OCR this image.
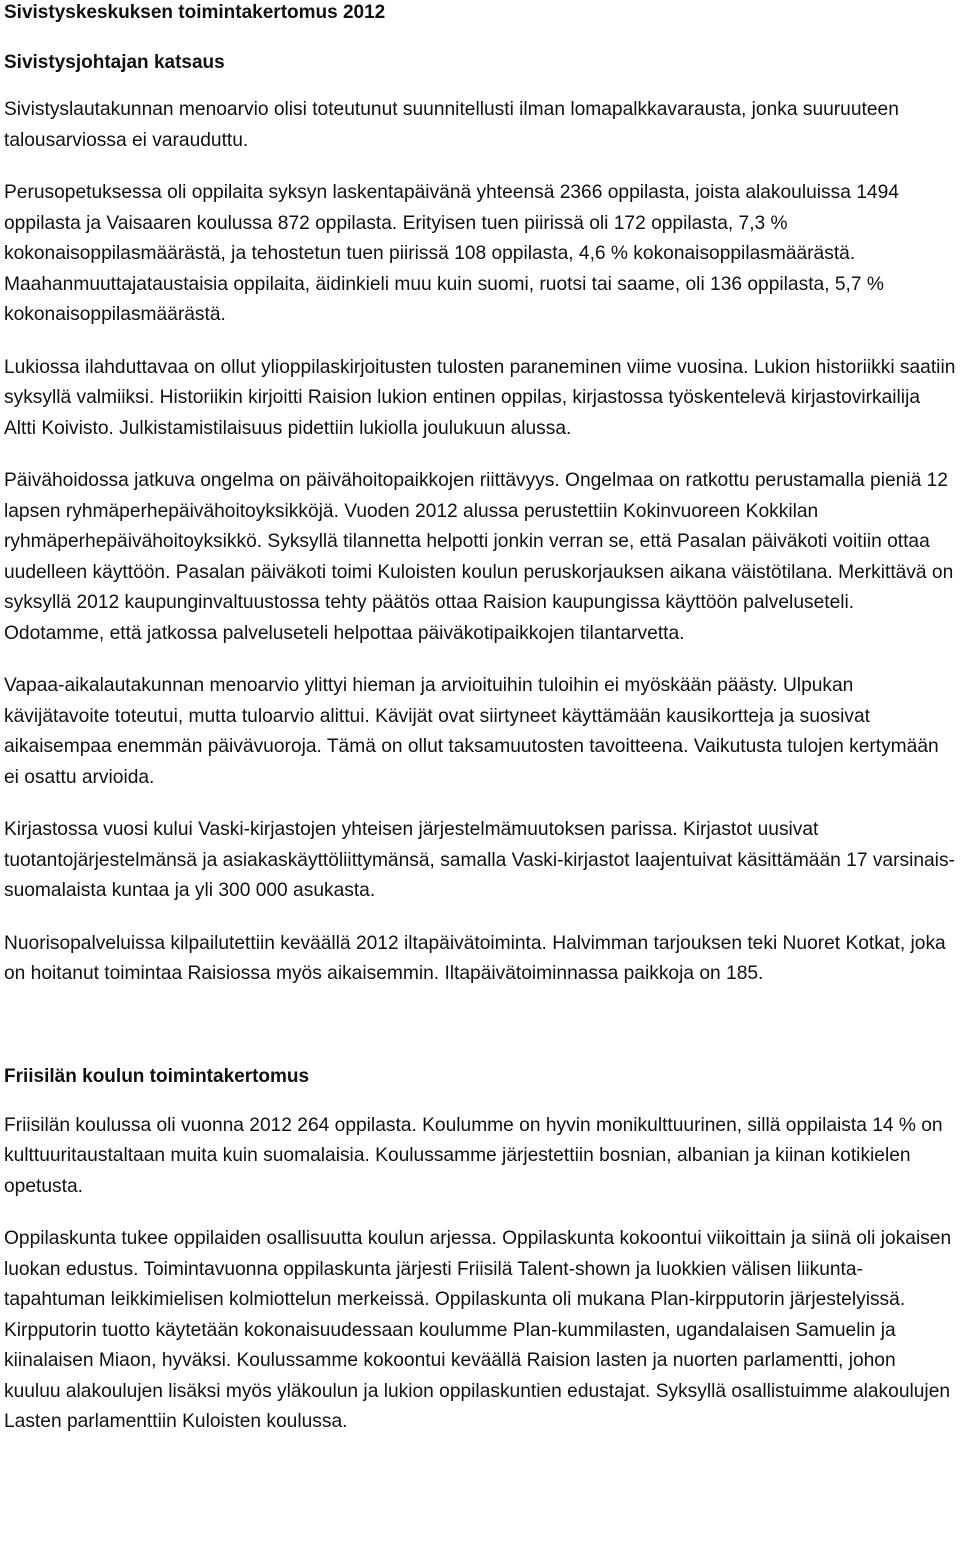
Sivistyskeskuksen toimintakertomus 2012
Sivistysjohtajan katsaus

Sivistyslautakunnan menoarvio olisi toteutunut suunnitellusti ilman lomapalkkavarausta, jonka suuruuteen talousarviossa ei varauduttu.

Perusopetuksessa oli oppilaita syksyn laskentapäivänä yhteensä 2366 oppilasta, joista alakouluissa 1494 oppilasta ja Vaisaaren koulussa 872 oppilasta. Erityisen tuen piirissä oli 172 oppilasta, 7,3 % kokonaisoppilasmäärästä, ja tehostetun tuen piirissä 108 oppilasta, 4,6 % kokonaisoppilasmäärästä. Maahanmuuttajataustaisia oppilaita, äidinkieli muu kuin suomi, ruotsi tai saame, oli 136 oppilasta, 5,7 % kokonaisoppilasmäärästä.

Lukiossa ilahduttavaa on ollut ylioppilaskirjoitusten tulosten paraneminen viime vuosina. Lukion historiikki saatiin syksyllä valmiiksi. Historiikin kirjoitti Raision lukion entinen oppilas, kirjastossa työskentelevä kirjastovirkailija Altti Koivisto. Julkistamistilaisuus pidettiin lukiolla joulukuun alussa.

Päivähoidossa jatkuva ongelma on päivähoitopaikkojen riittävyys. Ongelmaa on ratkottu perustamalla pieniä 12 lapsen ryhmäperhepäivähoitoyksikköjä. Vuoden 2012 alussa perustettiin Kokinvuoreen Kokkilan ryhmäperhepäivähoitoyksikkö. Syksyllä tilannetta helpotti jonkin verran se, että Pasalan päiväkoti voitiin ottaa uudelleen käyttöön. Pasalan päiväkoti toimi Kuloisten koulun peruskorjauksen aikana väistötilana. Merkittävä on syksyllä 2012 kaupunginvaltuustossa tehty päätös ottaa Raision kaupungissa käyttöön palveluseteli. Odotamme, että jatkossa palveluseteli helpottaa päiväkotipaikkojen tilantarvetta.

Vapaa-aikalautakunnan menoarvio ylittyi hieman ja arvioituihin tuloihin ei myöskään päästy. Ulpukan kävijätavoite toteutui, mutta tuloarvio alittui. Kävijät ovat siirtyneet käyttämään kausikortteja ja suosivat aikaisempaa enemmän päivävuoroja. Tämä on ollut taksamuutosten tavoitteena. Vaikutusta tulojen kertymään ei osattu arvioida.

Kirjastossa vuosi kului Vaski-kirjastojen yhteisen järjestelmämuutoksen parissa. Kirjastot uusivat tuotantojärjestelmänsä ja asiakaskäyttöliittymänsä, samalla Vaski-kirjastot laajentuivat käsittämään 17 varsinais-suomalaista kuntaa ja yli 300 000 asukasta.

Nuorisopalveluissa kilpailutettiin keväällä 2012 iltapäivätoiminta. Halvimman tarjouksen teki Nuoret Kotkat, joka on hoitanut toimintaa Raisiossa myös aikaisemmin. Iltapäivätoiminnassa paikkoja on 185.

Friisilän koulun toimintakertomus

Friisilän koulussa oli vuonna 2012 264 oppilasta. Koulumme on hyvin monikulttuurinen, sillä oppilaista 14 % on kulttuuritaustaltaan muita kuin suomalaisia. Koulussamme järjestettiin bosnian, albanian ja kiinan kotikielen opetusta.

Oppilaskunta tukee oppilaiden osallisuutta koulun arjessa. Oppilaskunta kokoontui viikoittain ja siinä oli jokaisen luokan edustus. Toimintavuonna oppilaskunta järjesti Friisilä Talent-shown ja luokkien välisen liikunta-tapahtuman leikkimielisen kolmiottelun merkeissä. Oppilaskunta oli mukana Plan-kirpputorin järjestelyissä. Kirpputorin tuotto käytetään kokonaisuudessaan koulumme Plan-kummilasten, ugandalaisen Samuelin ja kiinalaisen Miaon, hyväksi. Koulussamme kokoontui keväällä Raision lasten ja nuorten parlamentti, johon kuuluu alakoulujen lisäksi myös yläkoulun ja lukion oppilaskuntien edustajat. Syksyllä osallistuimme alakoulujen Lasten parlamenttiin Kuloisten koulussa.
